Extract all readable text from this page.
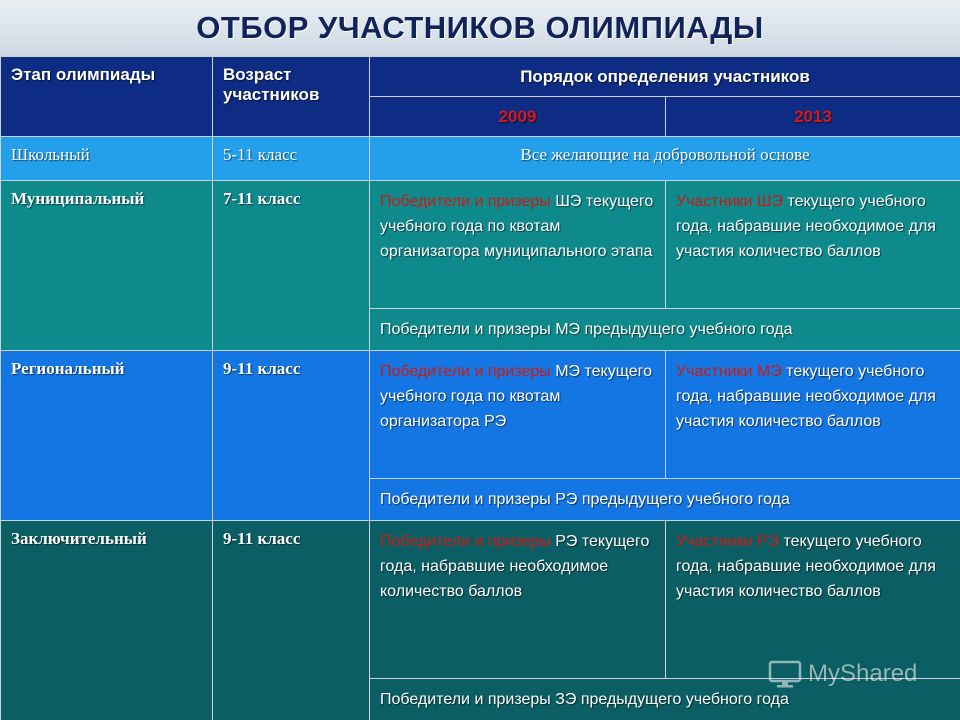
ОТБОР УЧАСТНИКОВ ОЛИМПИАДЫ
Этап олимпиады	Возраст участников	Порядок определения участников	
		2009	2013
Школьный	5-11 класс	Все желающие на добровольной основе	
Муниципальный	7-11 класс	Победители и призеры ШЭ текущего учебного года по квотам организатора муниципального этапа	Участники ШЭ текущего учебного года, набравшие необходимое для участия количество баллов
		Победители и призеры МЭ предыдущего учебного года	
Региональный	9-11 класс	Победители и призеры МЭ текущего учебного года по квотам организатора РЭ	Участники МЭ текущего учебного года, набравшие необходимое для участия количество баллов
		Победители и призеры РЭ предыдущего учебного года	
Заключительный	9-11 класс	Победители и призеры РЭ текущего года, набравшие необходимое количество баллов	Участники РЭ текущего учебного года, набравшие необходимое для участия количество баллов
		Победители и призеры ЗЭ предыдущего учебного года	
MyShared
